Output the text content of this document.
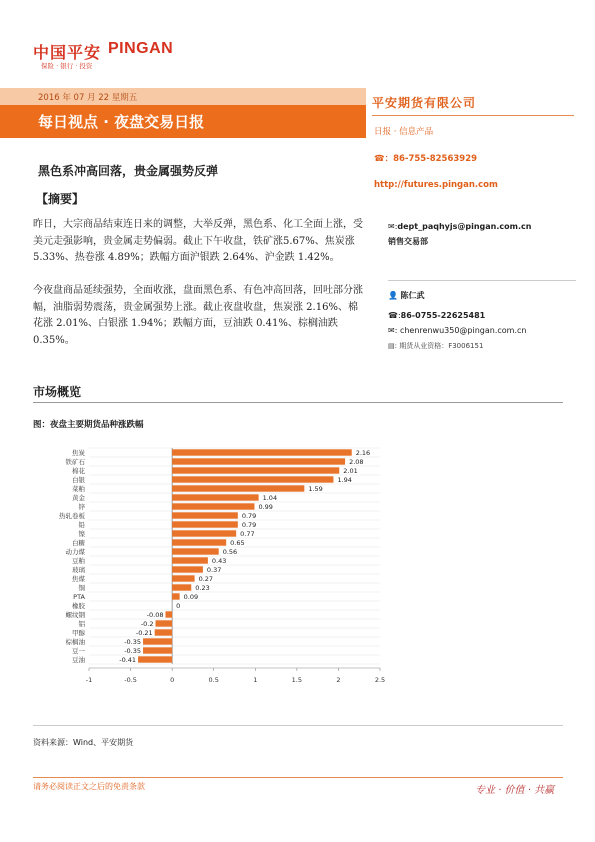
中国平安 PINGAN
保险 · 银行 · 投资
2016 年 07 月 22 星期五
每日视点 · 夜盘交易日报
平安期货有限公司
日报 · 信息产品
☎：86-755-82563929
http://futures.pingan.com
黑色系冲高回落，贵金属强势反弹
【摘要】
昨日，大宗商品结束连日来的调整，大举反弹，黑色系、化工全面上涨，受美元走强影响，贵金属走势偏弱。截止下午收盘，铁矿涨5.67%、焦炭涨 5.33%、热卷涨 4.89%；跌幅方面沪银跌 2.64%、沪金跌 1.42%。
今夜盘商品延续强势，全面收涨，盘面黑色系、有色冲高回落，回吐部分涨幅，油脂弱势震荡，贵金属强势上涨。截止夜盘收盘，焦炭涨 2.16%、棉花涨 2.01%、白银涨 1.94%；跌幅方面，豆油跌 0.41%、棕榈油跌 0.35%。
✉:dept_paqhyjs@pingan.com.cn
销售交易部
👤 陈仁武
☎:86-0755-22625481
✉: chenrenwu350@pingan.com.cn
▤: 期货从业资格：F3006151
市场概览
图：夜盘主要期货品种涨跌幅
-1	-0.5	0	0.5	1	1.5	2	2.5
焦炭	2.16
铁矿石	2.08
棉花	2.01
白银	1.94
菜粕	1.59
黄金	1.04
锌	0.99
热轧卷板	0.79
铅	0.79
镍	0.77
白糖	0.65
动力煤	0.56
豆粕	0.43
玻璃	0.37
焦煤	0.27
铜	0.23
PTA	0.09
橡胶	0
螺纹钢	-0.08
铝	-0.2
甲醇	-0.21
棕榈油	-0.35
豆一	-0.35
豆油	-0.41
资料来源：Wind、平安期货
请务必阅读正文之后的免责条款	专业 · 价值 · 共赢
